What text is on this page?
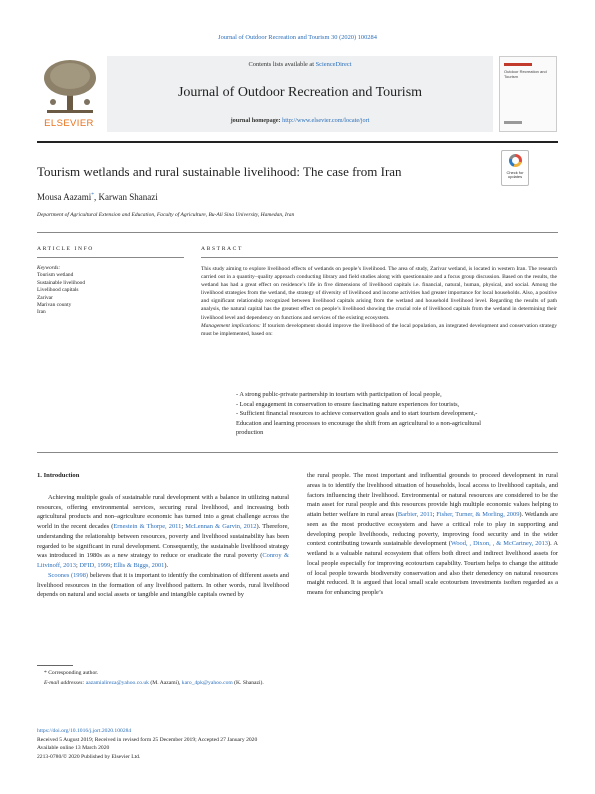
Journal of Outdoor Recreation and Tourism 30 (2020) 100284
ELSEVIER
Contents lists available at ScienceDirect
Journal of Outdoor Recreation and Tourism
journal homepage: http://www.elsevier.com/locate/jort
Outdoor Recreation and Tourism
Tourism wetlands and rural sustainable livelihood: The case from Iran	Check for updates
Mousa Aazami*, Karwan Shanazi
Department of Agricultural Extension and Education, Faculty of Agriculture, Bu-Ali Sina University, Hamedan, Iran
ARTICLE INFO	ABSTRACT
Keywords:
Tourism wetland
Sustainable livelihood
Livelihood capitals
Zarivar
Marivan county
Iran
This study aiming to explore livelihood effects of wetlands on people’s livelihood. The area of study, Zarivar wetland, is located in western Iran. The research carried out in a quantity–quality approach conducting library and field studies along with questionnaire and a focus group discussion. Based on the results, the wetland has had a great effect on residence’s life in five dimensions of livelihood capitals i.e. financial, natural, human, physical, and social. Among the livelihood strategies from the wetland, the strategy of diversity of livelihood and income activities had greater importance for local households. Also, a positive and significant relationship recognized between livelihood capitals arising from the wetland and household livelihood level. Regarding the results of path analysis, the natural capital has the greatest effect on people’s livelihood showing the crucial role of livelihood capitals from the wetland in determining their livelihood level and dependency on functions and services of the existing ecosystem.
Management implications: If tourism development should improve the livelihood of the local population, an integrated development and conservation strategy must be implemented, based on:
- A strong public-private partnership in tourism with participation of local people,
- Local engagement in conservation to ensure fascinating nature experiences for tourists,
- Sufficient financial resources to achieve conservation goals and to start tourism development,-
Education and learning processes to encourage the shift from an agricultural to a non-agricultural
production
1. Introduction
Achieving multiple goals of sustainable rural development with a balance in utilizing natural resources, offering environmental services, securing rural livelihood, and increasing both agricultural products and non–agriculture economic has turned into a great challenge across the world in the recent decades (Ernestein & Thorpe, 2011; McLennan & Garvin, 2012). Therefore, understanding the relationship between resources, poverty and livelihood sustainability has been regarded to be significant in rural development. Consequently, the sustainable livelihood strategy was introduced in 1980s as a new strategy to reduce or eradicate the rural poverty (Conroy & Litvinoff, 2013; DFID, 1999; Ellis & Biggs, 2001).
Scoones (1998) believes that it is important to identify the combination of different assets and livelihood resources in the formation of any livelihood pattern. In other words, rural livelihood depends on natural and social assets or tangible and intangible capitals owned by
the rural people. The most important and influential grounds to proceed development in rural areas is to identify the livelihood situation of households, local access to livelihood capitals, and factors influencing their livelihood. Environmental or natural resources are considered to be the main asset for rural people and this resources provide high multiple economic values helping to attain better welfare in rural areas (Barbier, 2011; Fisher, Turner, & Morling, 2009). Wetlands are seen as the most productive ecosystem and have a critical role to play in supporting and developing people livelihoods, reducing poverty, improving food security and in the wider context contributing towards sustainable development (Wood, , Dixon, , & McCartney, 2013). A wetland is a valuable natural ecosystem that offers both direct and indirect livelihood assets for local people especially for improving ecotourism capability. Tourism helps to change the attitude of local people towards biodiversity conservation and also their denedency on natural resources maight reduced. It is argued that local small scale ecotourism investments isoften regarded as a means for enhancing people’s
* Corresponding author.
E-mail addresses: aazamialireza@yahoo.co.uk (M. Aazami), karo_4pk@yahoo.com (K. Shanazi).
https://doi.org/10.1016/j.jort.2020.100284
Received 5 August 2019; Received in revised form 25 December 2019; Accepted 27 January 2020
Available online 13 March 2020
2213-0780/© 2020 Published by Elsevier Ltd.
